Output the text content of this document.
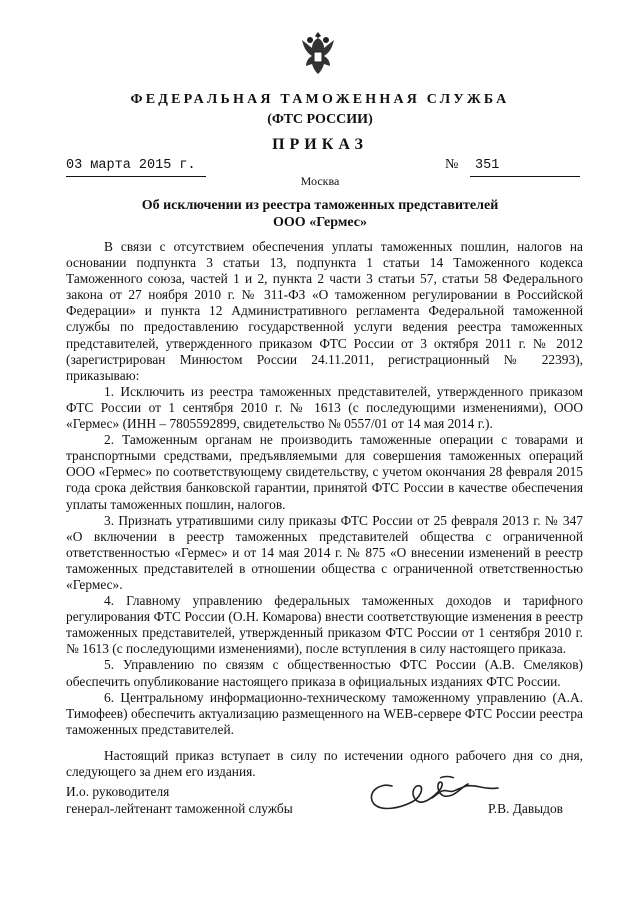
ФЕДЕРАЛЬНАЯ ТАМОЖЕННАЯ СЛУЖБА
(ФТС РОССИИ)
ПРИКАЗ
03 марта 2015 г.	№ 351
Москва
Об исключении из реестра таможенных представителей
ООО «Гермес»

В связи с отсутствием обеспечения уплаты таможенных пошлин, налогов на основании подпункта 3 статьи 13, подпункта 1 статьи 14 Таможенного кодекса Таможенного союза, частей 1 и 2, пункта 2 части 3 статьи 57, статьи 58 Федерального закона от 27 ноября 2010 г. № 311-ФЗ «О таможенном регулировании в Российской Федерации» и пункта 12 Административного регламента Федеральной таможенной службы по предоставлению государственной услуги ведения реестра таможенных представителей, утвержденного приказом ФТС России от 3 октября 2011 г. № 2012 (зарегистрирован Минюстом России 24.11.2011, регистрационный № 22393), приказываю:

1. Исключить из реестра таможенных представителей, утвержденного приказом ФТС России от 1 сентября 2010 г. № 1613 (с последующими изменениями), ООО «Гермес» (ИНН – 7805592899, свидетельство № 0557/01 от 14 мая 2014 г.).

2. Таможенным органам не производить таможенные операции с товарами и транспортными средствами, предъявляемыми для совершения таможенных операций ООО «Гермес» по соответствующему свидетельству, с учетом окончания 28 февраля 2015 года срока действия банковской гарантии, принятой ФТС России в качестве обеспечения уплаты таможенных пошлин, налогов.

3. Признать утратившими силу приказы ФТС России от 25 февраля 2013 г. № 347 «О включении в реестр таможенных представителей общества с ограниченной ответственностью «Гермес» и от 14 мая 2014 г. № 875 «О внесении изменений в реестр таможенных представителей в отношении общества с ограниченной ответственностью «Гермес».

4. Главному управлению федеральных таможенных доходов и тарифного регулирования ФТС России (О.Н. Комарова) внести соответствующие изменения в реестр таможенных представителей, утвержденный приказом ФТС России от 1 сентября 2010 г. № 1613 (с последующими изменениями), после вступления в силу настоящего приказа.

5. Управлению по связям с общественностью ФТС России (А.В. Смеляков) обеспечить опубликование настоящего приказа в официальных изданиях ФТС России.

6. Центральному информационно-техническому таможенному управлению (А.А. Тимофеев) обеспечить актуализацию размещенного на WEB-сервере ФТС России реестра таможенных представителей.

Настоящий приказ вступает в силу по истечении одного рабочего дня со дня, следующего за днем его издания.

И.о. руководителя
генерал-лейтенант таможенной службы	Р.В. Давыдов
